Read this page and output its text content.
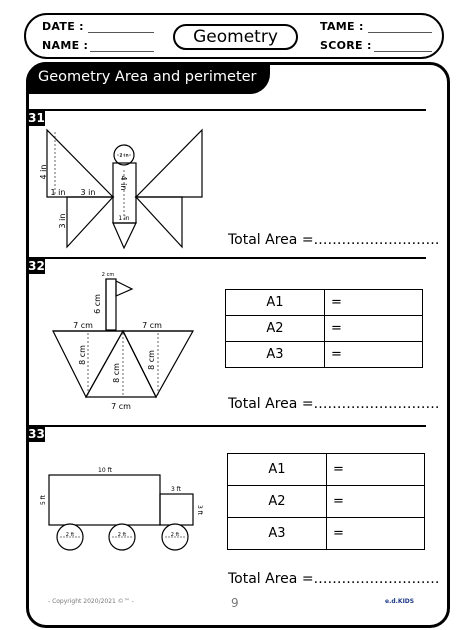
DATE :
NAME :	Geometry
TAME :
SCORE :
Geometry Area and perimeter
31
4 in
1 in 3 in
3 in
4 in
1 in
2 in
Total Area =………………………
32
2 cm
6 cm
7 cm	7 cm
8 cm
8 cm
8 cm
7 cm
A1	=
A2	=
A3	=
Total Area =………………………
33
10 ft
5 ft
3 ft
3 ft
2 ft	2 ft	2 ft
A1	=
A2	=
A3	=
Total Area =………………………
- Copyright 2020/2021 ©™ -	9	e.d.KIDS
